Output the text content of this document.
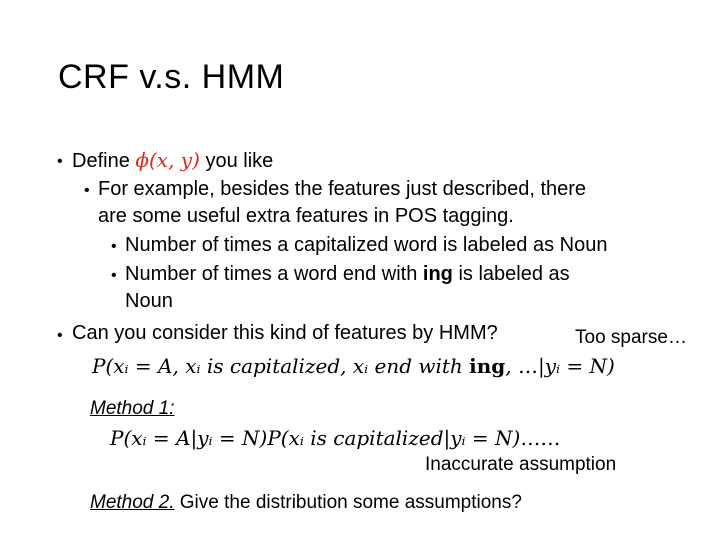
CRF v.s. HMM
• Define ϕ(x, y) you like
• For example, besides the features just described, there
are some useful extra features in POS tagging.
• Number of times a capitalized word is labeled as Noun
• Number of times a word end with ing is labeled as
Noun
• Can you consider this kind of features by HMM?	Too sparse…
P(xᵢ = A, xᵢ is capitalized, xᵢ end with ing, …|yᵢ = N)
Method 1:
P(xᵢ = A|yᵢ = N)P(xᵢ is capitalized|yᵢ = N)……
Inaccurate assumption
Method 2. Give the distribution some assumptions?
